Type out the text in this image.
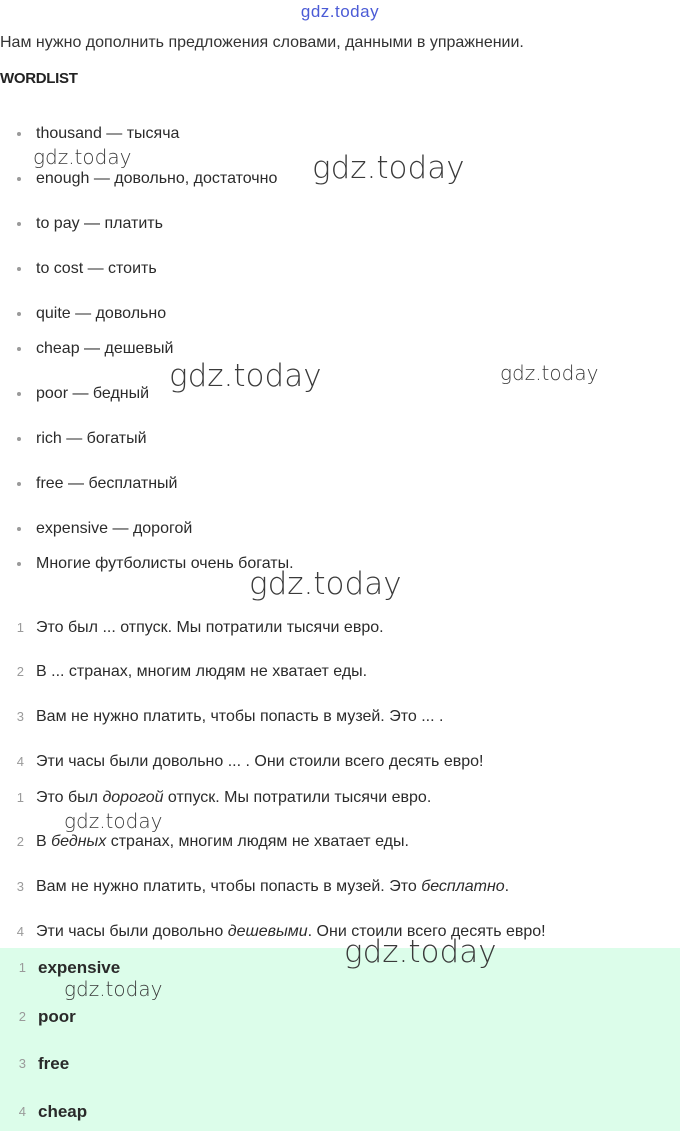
gdz.today
Нам нужно дополнить предложения словами, данными в упражнении.
WORDLIST
thousand — тысяча
enough — довольно, достаточно
to pay — платить
to cost — стоить
quite — довольно
cheap — дешевый
poor — бедный
rich — богатый
free — бесплатный
expensive — дорогой
Многие футболисты очень богаты.
1 Это был ... отпуск. Мы потратили тысячи евро.
2 В ... странах, многим людям не хватает еды.
3 Вам не нужно платить, чтобы попасть в музей. Это ... .
4 Эти часы были довольно ... . Они стоили всего десять евро!
1 Это был дорогой отпуск. Мы потратили тысячи евро.
2 В бедных странах, многим людям не хватает еды.
3 Вам не нужно платить, чтобы попасть в музей. Это бесплатно.
4 Эти часы были довольно дешевыми. Они стоили всего десять евро!
1 expensive
2 poor
3 free
4 cheap
gdz.today	gdz.today
gdz.today	gdz.today
gdz.today
gdz.today
gdz.today
gdz.today
